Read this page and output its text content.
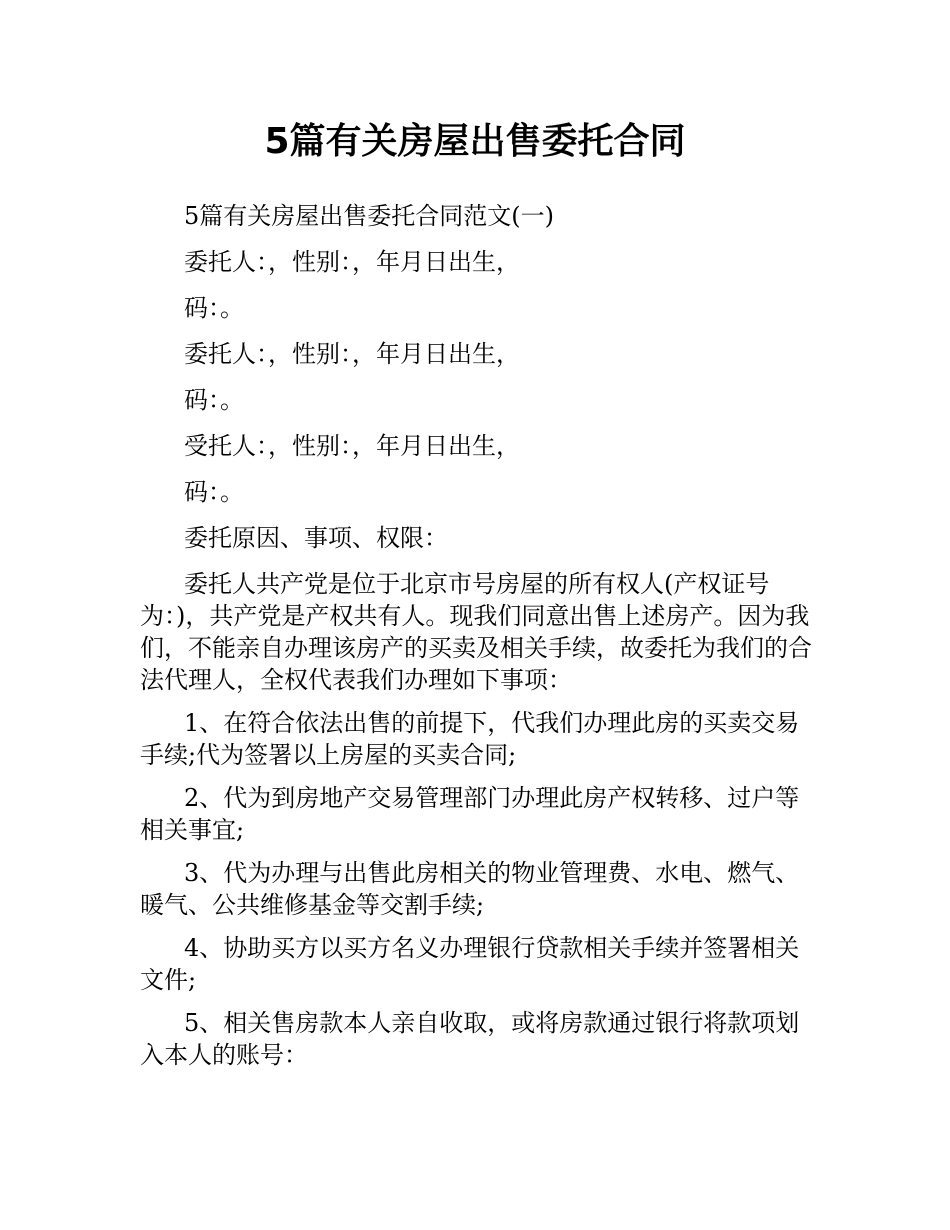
5篇有关房屋出售委托合同

5篇有关房屋出售委托合同范文(一)

委托人：，性别：，年月日出生，

码：。

委托人：，性别：，年月日出生，

码：。

受托人：，性别：，年月日出生，

码：。

委托原因、事项、权限：

委托人共产党是位于北京市号房屋的所有权人(产权证号为：)，共产党是产权共有人。现我们同意出售上述房产。因为我们，不能亲自办理该房产的买卖及相关手续，故委托为我们的合法代理人，全权代表我们办理如下事项：

1、在符合依法出售的前提下，代我们办理此房的买卖交易手续;代为签署以上房屋的买卖合同;

2、代为到房地产交易管理部门办理此房产权转移、过户等相关事宜;

3、代为办理与出售此房相关的物业管理费、水电、燃气、暖气、公共维修基金等交割手续;

4、协助买方以买方名义办理银行贷款相关手续并签署相关文件;

5、相关售房款本人亲自收取，或将房款通过银行将款项划入本人的账号：
